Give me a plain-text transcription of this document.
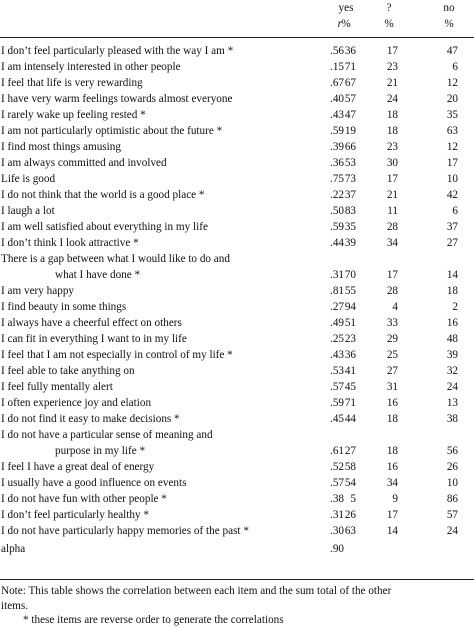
yes	?	no
r %	%	%
I don’t feel particularly pleased with the way I am *	.56 36	17	47
I am intensely interested in other people	.15 71	23	6
I feel that life is very rewarding	.67 67	21	12
I have very warm feelings towards almost everyone	.40 57	24	20
I rarely wake up feeling rested *	.43 47	18	35
I am not particularly optimistic about the future *	.59 19	18	63
I find most things amusing	.39 66	23	12
I am always committed and involved	.36 53	30	17
Life is good	.75 73	17	10
I do not think that the world is a good place *	.22 37	21	42
I laugh a lot	.50 83	11	6
I am well satisfied about everything in my life	.59 35	28	37
I don’t think I look attractive *	.44 39	34	27
There is a gap between what I would like to do and
what I have done *	.31 70	17	14
I am very happy	.81 55	28	18
I find beauty in some things	.27 94	4	2
I always have a cheerful effect on others	.49 51	33	16
I can fit in everything I want to in my life	.25 23	29	48
I feel that I am not especially in control of my life *	.43 36	25	39
I feel able to take anything on	.53 41	27	32
I feel fully mentally alert	.57 45	31	24
I often experience joy and elation	.59 71	16	13
I do not find it easy to make decisions *	.45 44	18	38
I do not have a particular sense of meaning and
purpose in my life *	.61 27	18	56
I feel I have a great deal of energy	.52 58	16	26
I usually have a good influence on events	.57 54	34	10
I do not have fun with other people *	.38 5	9	86
I don’t feel particularly healthy *	.31 26	17	57
I do not have particularly happy memories of the past *	.30 63	14	24
alpha	.90
Note: This table shows the correlation between each item and the sum total of the other
items.
* these items are reverse order to generate the correlations
